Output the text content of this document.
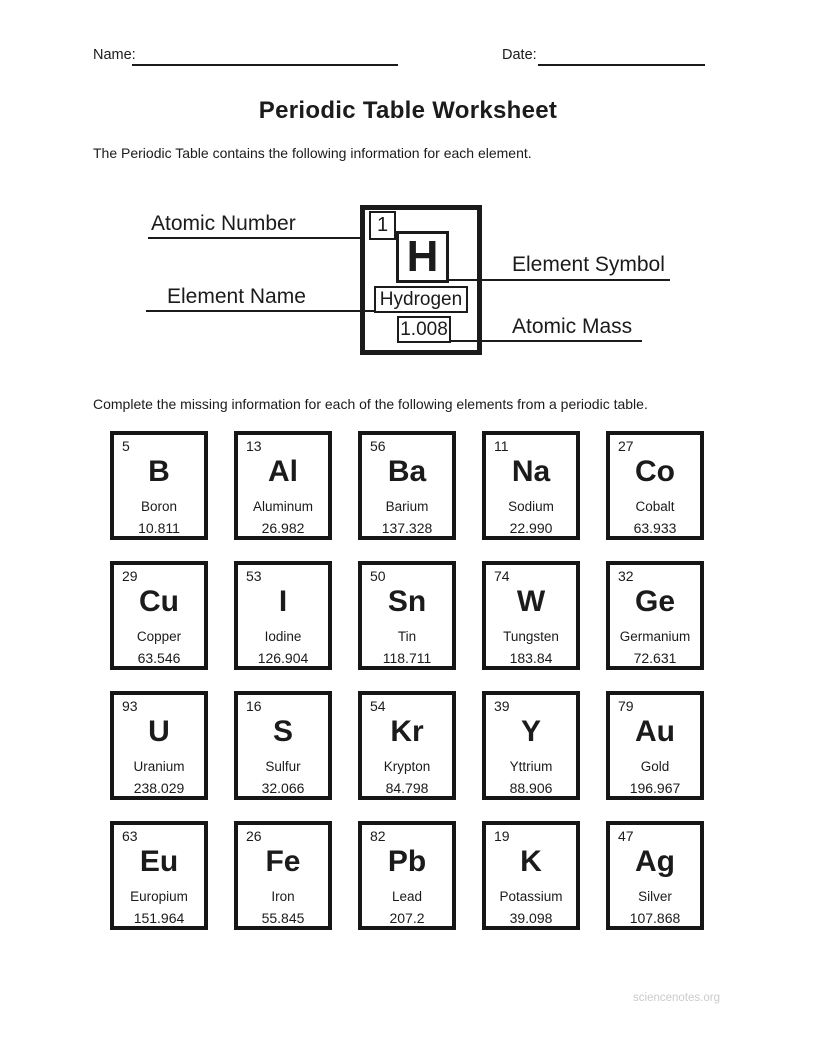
Name:	Date:
Periodic Table Worksheet

The Periodic Table contains the following information for each element.

Atomic Number
Element Name
Element Symbol
Atomic Mass
1
H
Hydrogen
1.008

Complete the missing information for each of the following elements from a periodic table.

5
B
Boron
10.811
13
Al
Aluminum
26.982
56
Ba
Barium
137.328
11
Na
Sodium
22.990
27
Co
Cobalt
63.933
29
Cu
Copper
63.546
53
I
Iodine
126.904
50
Sn
Tin
118.711
74
W
Tungsten
183.84
32
Ge
Germanium
72.631
93
U
Uranium
238.029
16
S
Sulfur
32.066
54
Kr
Krypton
84.798
39
Y
Yttrium
88.906
79
Au
Gold
196.967
63
Eu
Europium
151.964
26
Fe
Iron
55.845
82
Pb
Lead
207.2
19
K
Potassium
39.098
47
Ag
Silver
107.868
sciencenotes.org
